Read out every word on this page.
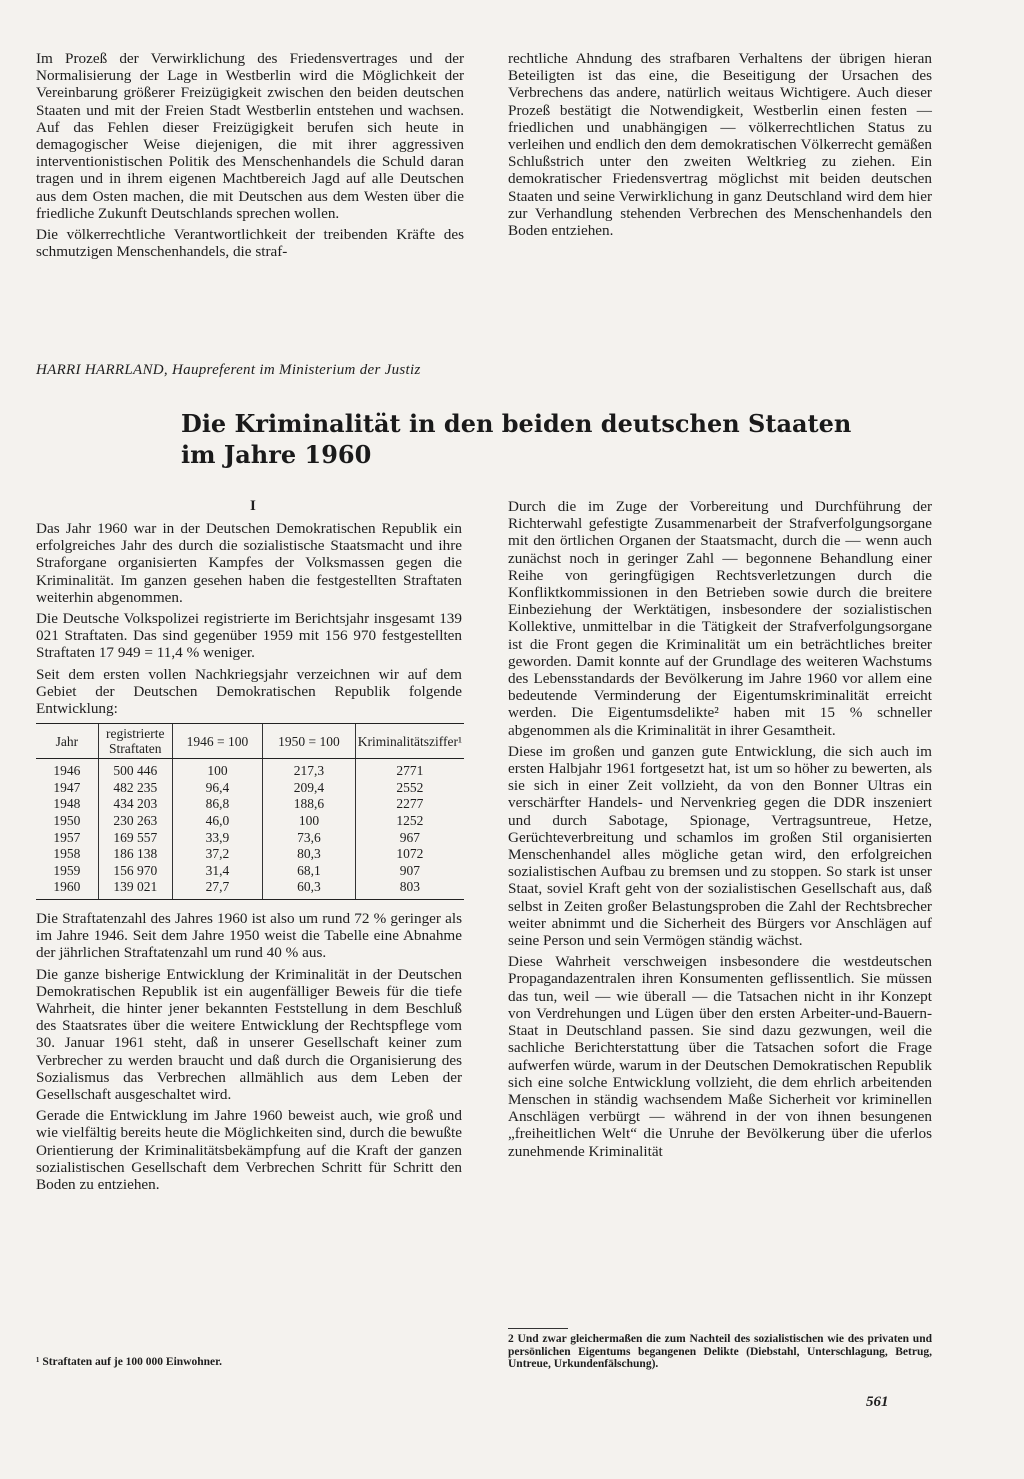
Im Prozeß der Verwirklichung des Friedensvertrages und der Normalisierung der Lage in Westberlin wird die Möglichkeit der Vereinbarung größerer Freizügigkeit zwischen den beiden deutschen Staaten und mit der Freien Stadt Westberlin entstehen und wachsen. Auf das Fehlen dieser Freizügigkeit berufen sich heute in demagogischer Weise diejenigen, die mit ihrer aggressiven interventionistischen Politik des Menschenhandels die Schuld daran tragen und in ihrem eigenen Machtbereich Jagd auf alle Deutschen aus dem Osten machen, die mit Deutschen aus dem Westen über die friedliche Zukunft Deutschlands sprechen wollen.

Die völkerrechtliche Verantwortlichkeit der treibenden Kräfte des schmutzigen Menschenhandels, die straf-

rechtliche Ahndung des strafbaren Verhaltens der übrigen hieran Beteiligten ist das eine, die Beseitigung der Ursachen des Verbrechens das andere, natürlich weitaus Wichtigere. Auch dieser Prozeß bestätigt die Notwendigkeit, Westberlin einen festen — friedlichen und unabhängigen — völkerrechtlichen Status zu verleihen und endlich den dem demokratischen Völkerrecht gemäßen Schlußstrich unter den zweiten Weltkrieg zu ziehen. Ein demokratischer Friedensvertrag möglichst mit beiden deutschen Staaten und seine Verwirklichung in ganz Deutschland wird dem hier zur Verhandlung stehenden Verbrechen des Menschenhandels den Boden entziehen.

HARRI HARRLAND, Haupreferent im Ministerium der Justiz
Die Kriminalität in den beiden deutschen Staaten
im Jahre 1960
I

Das Jahr 1960 war in der Deutschen Demokratischen Republik ein erfolgreiches Jahr des durch die sozialistische Staatsmacht und ihre Straforgane organisierten Kampfes der Volksmassen gegen die Kriminalität. Im ganzen gesehen haben die festgestellten Straftaten weiterhin abgenommen.

Die Deutsche Volkspolizei registrierte im Berichtsjahr insgesamt 139 021 Straftaten. Das sind gegenüber 1959 mit 156 970 festgestellten Straftaten 17 949 = 11,4 % weniger.

Seit dem ersten vollen Nachkriegsjahr verzeichnen wir auf dem Gebiet der Deutschen Demokratischen Republik folgende Entwicklung:

Jahr	registrierte Straftaten	1946 = 100	1950 = 100	Kriminalitätsziffer¹
1946	500 446	100	217,3	2771
1947	482 235	96,4	209,4	2552
1948	434 203	86,8	188,6	2277
1950	230 263	46,0	100	1252
1957	169 557	33,9	73,6	967
1958	186 138	37,2	80,3	1072
1959	156 970	31,4	68,1	907
1960	139 021	27,7	60,3	803

Die Straftatenzahl des Jahres 1960 ist also um rund 72 % geringer als im Jahre 1946. Seit dem Jahre 1950 weist die Tabelle eine Abnahme der jährlichen Straftatenzahl um rund 40 % aus.

Die ganze bisherige Entwicklung der Kriminalität in der Deutschen Demokratischen Republik ist ein augenfälliger Beweis für die tiefe Wahrheit, die hinter jener bekannten Feststellung in dem Beschluß des Staatsrates über die weitere Entwicklung der Rechtspflege vom 30. Januar 1961 steht, daß in unserer Gesellschaft keiner zum Verbrecher zu werden braucht und daß durch die Organisierung des Sozialismus das Verbrechen allmählich aus dem Leben der Gesellschaft ausgeschaltet wird.

Gerade die Entwicklung im Jahre 1960 beweist auch, wie groß und wie vielfältig bereits heute die Möglichkeiten sind, durch die bewußte Orientierung der Kriminalitätsbekämpfung auf die Kraft der ganzen sozialistischen Gesellschaft dem Verbrechen Schritt für Schritt den Boden zu entziehen.

¹ Straftaten auf je 100 000 Einwohner.

Durch die im Zuge der Vorbereitung und Durchführung der Richterwahl gefestigte Zusammenarbeit der Strafverfolgungsorgane mit den örtlichen Organen der Staatsmacht, durch die — wenn auch zunächst noch in geringer Zahl — begonnene Behandlung einer Reihe von geringfügigen Rechtsverletzungen durch die Konfliktkommissionen in den Betrieben sowie durch die breitere Einbeziehung der Werktätigen, insbesondere der sozialistischen Kollektive, unmittelbar in die Tätigkeit der Strafverfolgungsorgane ist die Front gegen die Kriminalität um ein beträchtliches breiter geworden. Damit konnte auf der Grundlage des weiteren Wachstums des Lebensstandards der Bevölkerung im Jahre 1960 vor allem eine bedeutende Verminderung der Eigentumskriminalität erreicht werden. Die Eigentumsdelikte² haben mit 15 % schneller abgenommen als die Kriminalität in ihrer Gesamtheit.

Diese im großen und ganzen gute Entwicklung, die sich auch im ersten Halbjahr 1961 fortgesetzt hat, ist um so höher zu bewerten, als sie sich in einer Zeit vollzieht, da von den Bonner Ultras ein verschärfter Handels- und Nervenkrieg gegen die DDR inszeniert und durch Sabotage, Spionage, Vertragsuntreue, Hetze, Gerüchteverbreitung und schamlos im großen Stil organisierten Menschenhandel alles mögliche getan wird, den erfolgreichen sozialistischen Aufbau zu bremsen und zu stoppen. So stark ist unser Staat, soviel Kraft geht von der sozialistischen Gesellschaft aus, daß selbst in Zeiten großer Belastungsproben die Zahl der Rechtsbrecher weiter abnimmt und die Sicherheit des Bürgers vor Anschlägen auf seine Person und sein Vermögen ständig wächst.

Diese Wahrheit verschweigen insbesondere die westdeutschen Propagandazentralen ihren Konsumenten geflissentlich. Sie müssen das tun, weil — wie überall — die Tatsachen nicht in ihr Konzept von Verdrehungen und Lügen über den ersten Arbeiter-und-Bauern-Staat in Deutschland passen. Sie sind dazu gezwungen, weil die sachliche Berichterstattung über die Tatsachen sofort die Frage aufwerfen würde, warum in der Deutschen Demokratischen Republik sich eine solche Entwicklung vollzieht, die dem ehrlich arbeitenden Menschen in ständig wachsendem Maße Sicherheit vor kriminellen Anschlägen verbürgt — während in der von ihnen besungenen „freiheitlichen Welt“ die Unruhe der Bevölkerung über die uferlos zunehmende Kriminalität

2 Und zwar gleichermaßen die zum Nachteil des sozialistischen wie des privaten und persönlichen Eigentums begangenen Delikte (Diebstahl, Unterschlagung, Betrug, Untreue, Urkundenfälschung).
561
